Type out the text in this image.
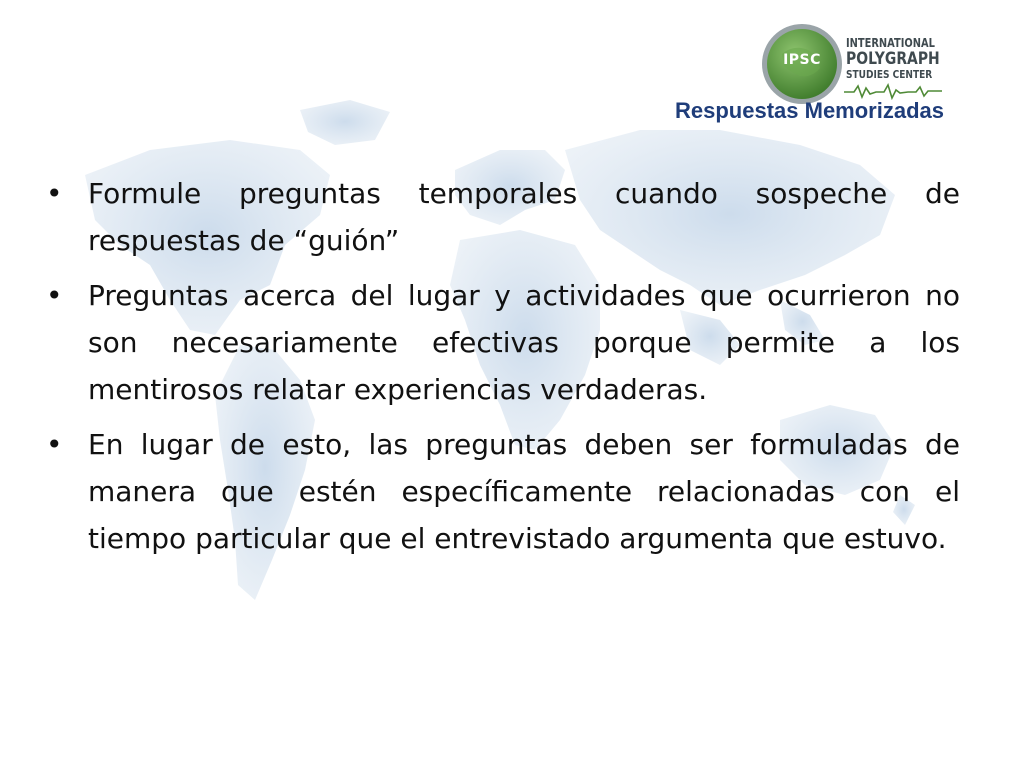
IPSC
INTERNATIONAL
POLYGRAPH
STUDIES CENTER
Respuestas Memorizadas
• Formule preguntas temporales cuando sospeche de respuestas de “guión”
• Preguntas acerca del lugar y actividades que ocurrieron no son necesariamente efectivas porque permite a los mentirosos relatar experiencias verdaderas.
• En lugar de esto, las preguntas deben ser formuladas de manera que estén específicamente relacionadas con el tiempo particular que el entrevistado argumenta que estuvo.
